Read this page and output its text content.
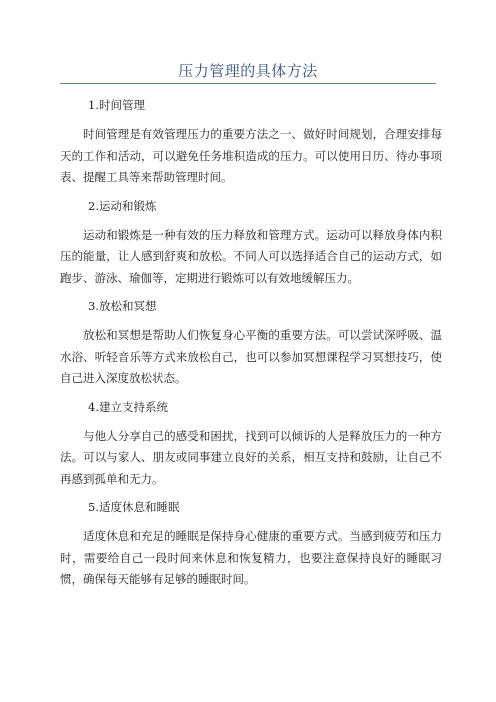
压力管理的具体方法
1.时间管理

时间管理是有效管理压力的重要方法之一、做好时间规划，合理安排每天的工作和活动，可以避免任务堆积造成的压力。可以使用日历、待办事项表、提醒工具等来帮助管理时间。

2.运动和锻炼

运动和锻炼是一种有效的压力释放和管理方式。运动可以释放身体内积压的能量，让人感到舒爽和放松。不同人可以选择适合自己的运动方式，如跑步、游泳、瑜伽等，定期进行锻炼可以有效地缓解压力。

3.放松和冥想

放松和冥想是帮助人们恢复身心平衡的重要方法。可以尝试深呼吸、温水浴、听轻音乐等方式来放松自己，也可以参加冥想课程学习冥想技巧，使自己进入深度放松状态。

4.建立支持系统

与他人分享自己的感受和困扰，找到可以倾诉的人是释放压力的一种方法。可以与家人、朋友或同事建立良好的关系，相互支持和鼓励，让自己不再感到孤单和无力。

5.适度休息和睡眠

适度休息和充足的睡眠是保持身心健康的重要方式。当感到疲劳和压力时，需要给自己一段时间来休息和恢复精力，也要注意保持良好的睡眠习惯，确保每天能够有足够的睡眠时间。
